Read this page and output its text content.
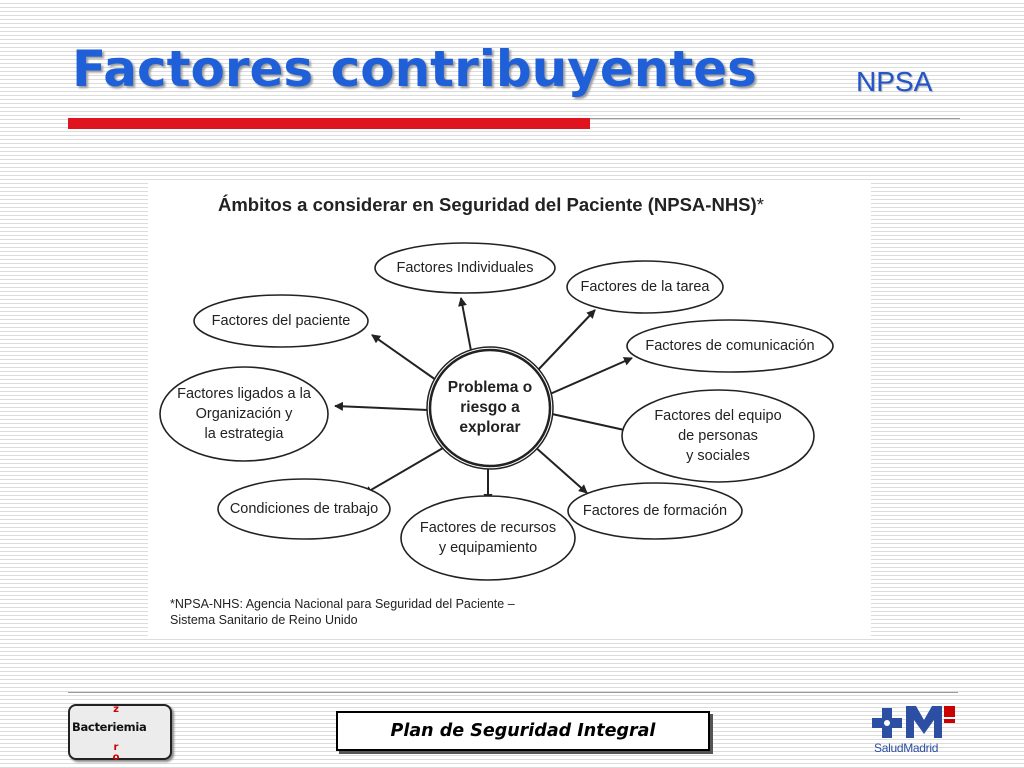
Factores contribuyentes	NPSA
Ámbitos a considerar en Seguridad del Paciente (NPSA-NHS)*
Factores Individuales
Factores de la tarea
Factores del paciente
Factores de comunicación
Factores ligados a la
Organización y
la estrategia
Factores del equipo
de personas
y sociales
Condiciones de trabajo
Factores de recursos
y equipamiento
Factores de formación
Problema o
riesgo a
explorar
*NPSA-NHS: Agencia Nacional para Seguridad del Paciente –
Sistema Sanitario de Reino Unido
Bacteriemia
z
r
o
Plan de Seguridad Integral
SaludMadrid
